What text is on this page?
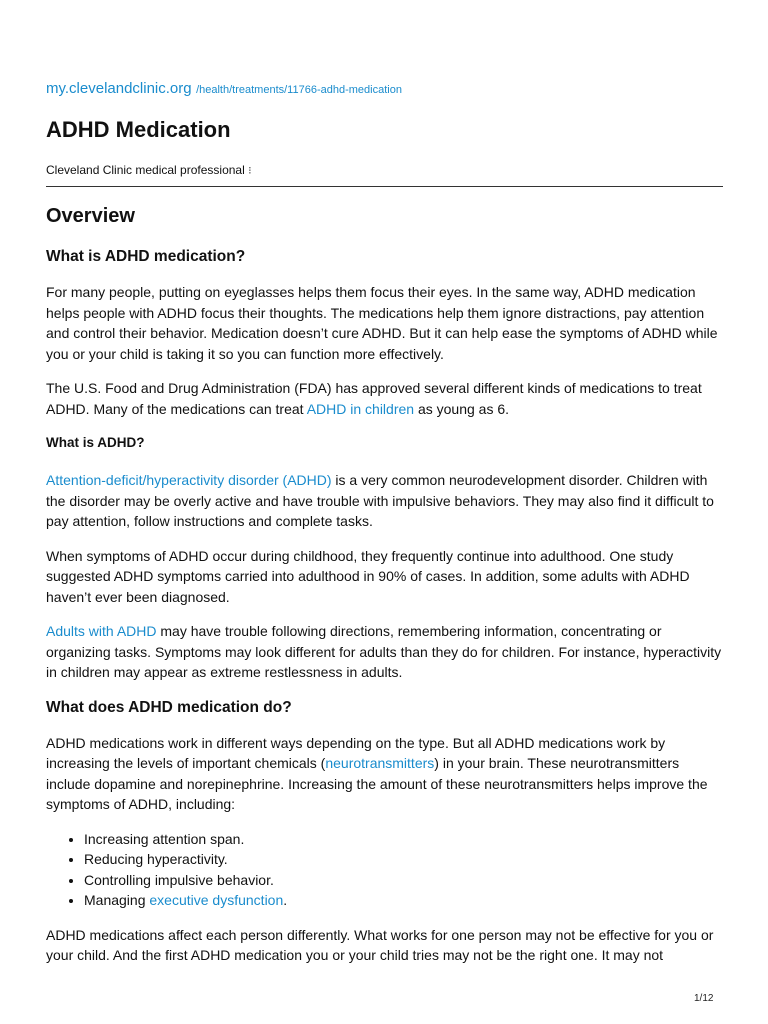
my.clevelandclinic.org /health/treatments/11766-adhd-medication
ADHD Medication
Cleveland Clinic medical professional ⁝
Overview
What is ADHD medication?

For many people, putting on eyeglasses helps them focus their eyes. In the same way, ADHD medication helps people with ADHD focus their thoughts. The medications help them ignore distractions, pay attention and control their behavior. Medication doesn’t cure ADHD. But it can help ease the symptoms of ADHD while you or your child is taking it so you can function more effectively.

The U.S. Food and Drug Administration (FDA) has approved several different kinds of medications to treat ADHD. Many of the medications can treat ADHD in children as young as 6.

What is ADHD?

Attention-deficit/hyperactivity disorder (ADHD) is a very common neurodevelopment disorder. Children with the disorder may be overly active and have trouble with impulsive behaviors. They may also find it difficult to pay attention, follow instructions and complete tasks.

When symptoms of ADHD occur during childhood, they frequently continue into adulthood. One study suggested ADHD symptoms carried into adulthood in 90% of cases. In addition, some adults with ADHD haven’t ever been diagnosed.

Adults with ADHD may have trouble following directions, remembering information, concentrating or organizing tasks. Symptoms may look different for adults than they do for children. For instance, hyperactivity in children may appear as extreme restlessness in adults.

What does ADHD medication do?

ADHD medications work in different ways depending on the type. But all ADHD medications work by increasing the levels of important chemicals (neurotransmitters) in your brain. These neurotransmitters include dopamine and norepinephrine. Increasing the amount of these neurotransmitters helps improve the symptoms of ADHD, including:

• Increasing attention span.
• Reducing hyperactivity.
• Controlling impulsive behavior.
• Managing executive dysfunction.

ADHD medications affect each person differently. What works for one person may not be effective for you or your child. And the first ADHD medication you or your child tries may not be the right one. It may not

1/12
